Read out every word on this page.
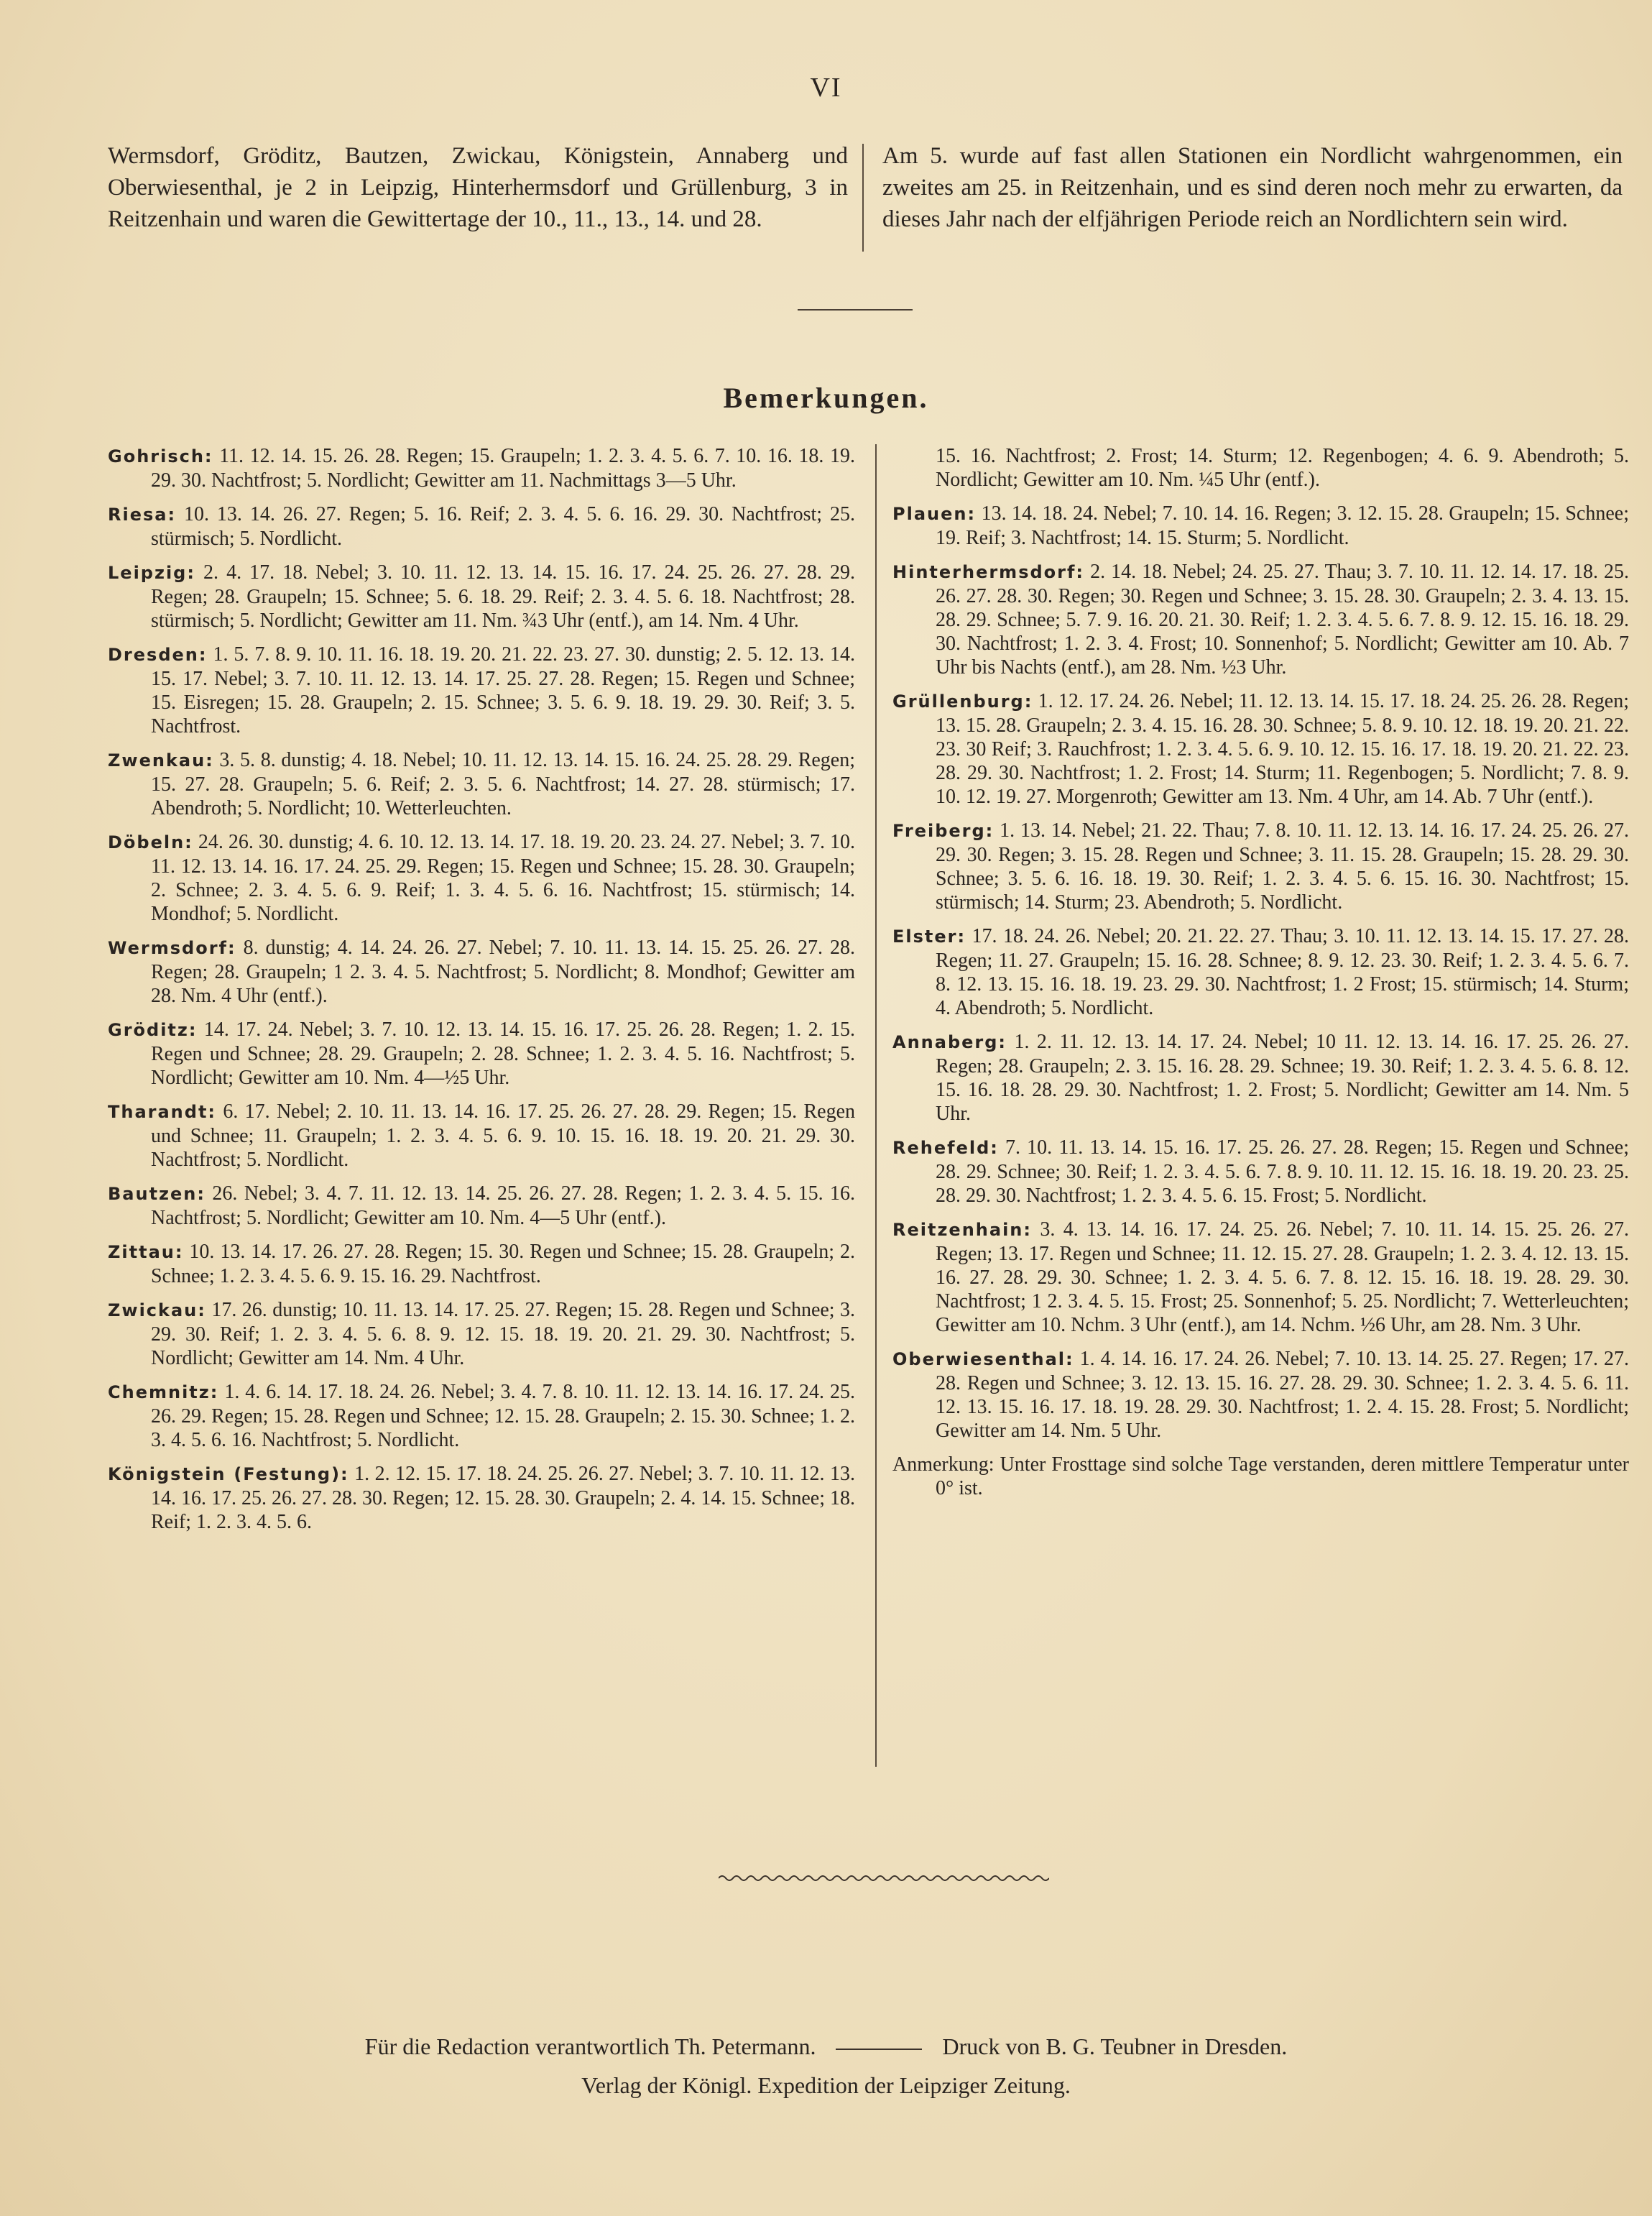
VI
Wermsdorf, Gröditz, Bautzen, Zwickau, Königstein, Annaberg und Oberwiesenthal, je 2 in Leipzig, Hinterhermsdorf und Grüllenburg, 3 in Reitzenhain und waren die Gewittertage der 10., 11., 13., 14. und 28.
Am 5. wurde auf fast allen Stationen ein Nordlicht wahrgenommen, ein zweites am 25. in Reitzenhain, und es sind deren noch mehr zu erwarten, da dieses Jahr nach der elfjährigen Periode reich an Nordlichtern sein wird.
Bemerkungen.
Gohrisch: 11. 12. 14. 15. 26. 28. Regen; 15. Graupeln; 1. 2. 3. 4. 5. 6. 7. 10. 16. 18. 19. 29. 30. Nachtfrost; 5. Nordlicht; Gewitter am 11. Nachmittags 3—5 Uhr.
Riesa: 10. 13. 14. 26. 27. Regen; 5. 16. Reif; 2. 3. 4. 5. 6. 16. 29. 30. Nachtfrost; 25. stürmisch; 5. Nordlicht.
Leipzig: 2. 4. 17. 18. Nebel; 3. 10. 11. 12. 13. 14. 15. 16. 17. 24. 25. 26. 27. 28. 29. Regen; 28. Graupeln; 15. Schnee; 5. 6. 18. 29. Reif; 2. 3. 4. 5. 6. 18. Nachtfrost; 28. stürmisch; 5. Nordlicht; Gewitter am 11. Nm. ¾3 Uhr (entf.), am 14. Nm. 4 Uhr.
Dresden: 1. 5. 7. 8. 9. 10. 11. 16. 18. 19. 20. 21. 22. 23. 27. 30. dunstig; 2. 5. 12. 13. 14. 15. 17. Nebel; 3. 7. 10. 11. 12. 13. 14. 17. 25. 27. 28. Regen; 15. Regen und Schnee; 15. Eisregen; 15. 28. Graupeln; 2. 15. Schnee; 3. 5. 6. 9. 18. 19. 29. 30. Reif; 3. 5. Nachtfrost.
Zwenkau: 3. 5. 8. dunstig; 4. 18. Nebel; 10. 11. 12. 13. 14. 15. 16. 24. 25. 28. 29. Regen; 15. 27. 28. Graupeln; 5. 6. Reif; 2. 3. 5. 6. Nachtfrost; 14. 27. 28. stürmisch; 17. Abendroth; 5. Nordlicht; 10. Wetterleuchten.
Döbeln: 24. 26. 30. dunstig; 4. 6. 10. 12. 13. 14. 17. 18. 19. 20. 23. 24. 27. Nebel; 3. 7. 10. 11. 12. 13. 14. 16. 17. 24. 25. 29. Regen; 15. Regen und Schnee; 15. 28. 30. Graupeln; 2. Schnee; 2. 3. 4. 5. 6. 9. Reif; 1. 3. 4. 5. 6. 16. Nachtfrost; 15. stürmisch; 14. Mondhof; 5. Nordlicht.
Wermsdorf: 8. dunstig; 4. 14. 24. 26. 27. Nebel; 7. 10. 11. 13. 14. 15. 25. 26. 27. 28. Regen; 28. Graupeln; 1 2. 3. 4. 5. Nachtfrost; 5. Nordlicht; 8. Mondhof; Gewitter am 28. Nm. 4 Uhr (entf.).
Gröditz: 14. 17. 24. Nebel; 3. 7. 10. 12. 13. 14. 15. 16. 17. 25. 26. 28. Regen; 1. 2. 15. Regen und Schnee; 28. 29. Graupeln; 2. 28. Schnee; 1. 2. 3. 4. 5. 16. Nachtfrost; 5. Nordlicht; Gewitter am 10. Nm. 4—½5 Uhr.
Tharandt: 6. 17. Nebel; 2. 10. 11. 13. 14. 16. 17. 25. 26. 27. 28. 29. Regen; 15. Regen und Schnee; 11. Graupeln; 1. 2. 3. 4. 5. 6. 9. 10. 15. 16. 18. 19. 20. 21. 29. 30. Nachtfrost; 5. Nordlicht.
Bautzen: 26. Nebel; 3. 4. 7. 11. 12. 13. 14. 25. 26. 27. 28. Regen; 1. 2. 3. 4. 5. 15. 16. Nachtfrost; 5. Nordlicht; Gewitter am 10. Nm. 4—5 Uhr (entf.).
Zittau: 10. 13. 14. 17. 26. 27. 28. Regen; 15. 30. Regen und Schnee; 15. 28. Graupeln; 2. Schnee; 1. 2. 3. 4. 5. 6. 9. 15. 16. 29. Nachtfrost.
Zwickau: 17. 26. dunstig; 10. 11. 13. 14. 17. 25. 27. Regen; 15. 28. Regen und Schnee; 3. 29. 30. Reif; 1. 2. 3. 4. 5. 6. 8. 9. 12. 15. 18. 19. 20. 21. 29. 30. Nachtfrost; 5. Nordlicht; Gewitter am 14. Nm. 4 Uhr.
Chemnitz: 1. 4. 6. 14. 17. 18. 24. 26. Nebel; 3. 4. 7. 8. 10. 11. 12. 13. 14. 16. 17. 24. 25. 26. 29. Regen; 15. 28. Regen und Schnee; 12. 15. 28. Graupeln; 2. 15. 30. Schnee; 1. 2. 3. 4. 5. 6. 16. Nachtfrost; 5. Nordlicht.
Königstein (Festung): 1. 2. 12. 15. 17. 18. 24. 25. 26. 27. Nebel; 3. 7. 10. 11. 12. 13. 14. 16. 17. 25. 26. 27. 28. 30. Regen; 12. 15. 28. 30. Graupeln; 2. 4. 14. 15. Schnee; 18. Reif; 1. 2. 3. 4. 5. 6.
15. 16. Nachtfrost; 2. Frost; 14. Sturm; 12. Regenbogen; 4. 6. 9. Abendroth; 5. Nordlicht; Gewitter am 10. Nm. ¼5 Uhr (entf.).
Plauen: 13. 14. 18. 24. Nebel; 7. 10. 14. 16. Regen; 3. 12. 15. 28. Graupeln; 15. Schnee; 19. Reif; 3. Nachtfrost; 14. 15. Sturm; 5. Nordlicht.
Hinterhermsdorf: 2. 14. 18. Nebel; 24. 25. 27. Thau; 3. 7. 10. 11. 12. 14. 17. 18. 25. 26. 27. 28. 30. Regen; 30. Regen und Schnee; 3. 15. 28. 30. Graupeln; 2. 3. 4. 13. 15. 28. 29. Schnee; 5. 7. 9. 16. 20. 21. 30. Reif; 1. 2. 3. 4. 5. 6. 7. 8. 9. 12. 15. 16. 18. 29. 30. Nachtfrost; 1. 2. 3. 4. Frost; 10. Sonnenhof; 5. Nordlicht; Gewitter am 10. Ab. 7 Uhr bis Nachts (entf.), am 28. Nm. ½3 Uhr.
Grüllenburg: 1. 12. 17. 24. 26. Nebel; 11. 12. 13. 14. 15. 17. 18. 24. 25. 26. 28. Regen; 13. 15. 28. Graupeln; 2. 3. 4. 15. 16. 28. 30. Schnee; 5. 8. 9. 10. 12. 18. 19. 20. 21. 22. 23. 30 Reif; 3. Rauchfrost; 1. 2. 3. 4. 5. 6. 9. 10. 12. 15. 16. 17. 18. 19. 20. 21. 22. 23. 28. 29. 30. Nachtfrost; 1. 2. Frost; 14. Sturm; 11. Regenbogen; 5. Nordlicht; 7. 8. 9. 10. 12. 19. 27. Morgenroth; Gewitter am 13. Nm. 4 Uhr, am 14. Ab. 7 Uhr (entf.).
Freiberg: 1. 13. 14. Nebel; 21. 22. Thau; 7. 8. 10. 11. 12. 13. 14. 16. 17. 24. 25. 26. 27. 29. 30. Regen; 3. 15. 28. Regen und Schnee; 3. 11. 15. 28. Graupeln; 15. 28. 29. 30. Schnee; 3. 5. 6. 16. 18. 19. 30. Reif; 1. 2. 3. 4. 5. 6. 15. 16. 30. Nachtfrost; 15. stürmisch; 14. Sturm; 23. Abendroth; 5. Nordlicht.
Elster: 17. 18. 24. 26. Nebel; 20. 21. 22. 27. Thau; 3. 10. 11. 12. 13. 14. 15. 17. 27. 28. Regen; 11. 27. Graupeln; 15. 16. 28. Schnee; 8. 9. 12. 23. 30. Reif; 1. 2. 3. 4. 5. 6. 7. 8. 12. 13. 15. 16. 18. 19. 23. 29. 30. Nachtfrost; 1. 2 Frost; 15. stürmisch; 14. Sturm; 4. Abendroth; 5. Nordlicht.
Annaberg: 1. 2. 11. 12. 13. 14. 17. 24. Nebel; 10 11. 12. 13. 14. 16. 17. 25. 26. 27. Regen; 28. Graupeln; 2. 3. 15. 16. 28. 29. Schnee; 19. 30. Reif; 1. 2. 3. 4. 5. 6. 8. 12. 15. 16. 18. 28. 29. 30. Nachtfrost; 1. 2. Frost; 5. Nordlicht; Gewitter am 14. Nm. 5 Uhr.
Rehefeld: 7. 10. 11. 13. 14. 15. 16. 17. 25. 26. 27. 28. Regen; 15. Regen und Schnee; 28. 29. Schnee; 30. Reif; 1. 2. 3. 4. 5. 6. 7. 8. 9. 10. 11. 12. 15. 16. 18. 19. 20. 23. 25. 28. 29. 30. Nachtfrost; 1. 2. 3. 4. 5. 6. 15. Frost; 5. Nordlicht.
Reitzenhain: 3. 4. 13. 14. 16. 17. 24. 25. 26. Nebel; 7. 10. 11. 14. 15. 25. 26. 27. Regen; 13. 17. Regen und Schnee; 11. 12. 15. 27. 28. Graupeln; 1. 2. 3. 4. 12. 13. 15. 16. 27. 28. 29. 30. Schnee; 1. 2. 3. 4. 5. 6. 7. 8. 12. 15. 16. 18. 19. 28. 29. 30. Nachtfrost; 1 2. 3. 4. 5. 15. Frost; 25. Sonnenhof; 5. 25. Nordlicht; 7. Wetterleuchten; Gewitter am 10. Nchm. 3 Uhr (entf.), am 14. Nchm. ½6 Uhr, am 28. Nm. 3 Uhr.
Oberwiesenthal: 1. 4. 14. 16. 17. 24. 26. Nebel; 7. 10. 13. 14. 25. 27. Regen; 17. 27. 28. Regen und Schnee; 3. 12. 13. 15. 16. 27. 28. 29. 30. Schnee; 1. 2. 3. 4. 5. 6. 11. 12. 13. 15. 16. 17. 18. 19. 28. 29. 30. Nachtfrost; 1. 2. 4. 15. 28. Frost; 5. Nordlicht; Gewitter am 14. Nm. 5 Uhr.
Anmerkung: Unter Frosttage sind solche Tage verstanden, deren mittlere Temperatur unter 0° ist.
Für die Redaction verantwortlich Th. Petermann.	Druck von B. G. Teubner in Dresden.
Verlag der Königl. Expedition der Leipziger Zeitung.
